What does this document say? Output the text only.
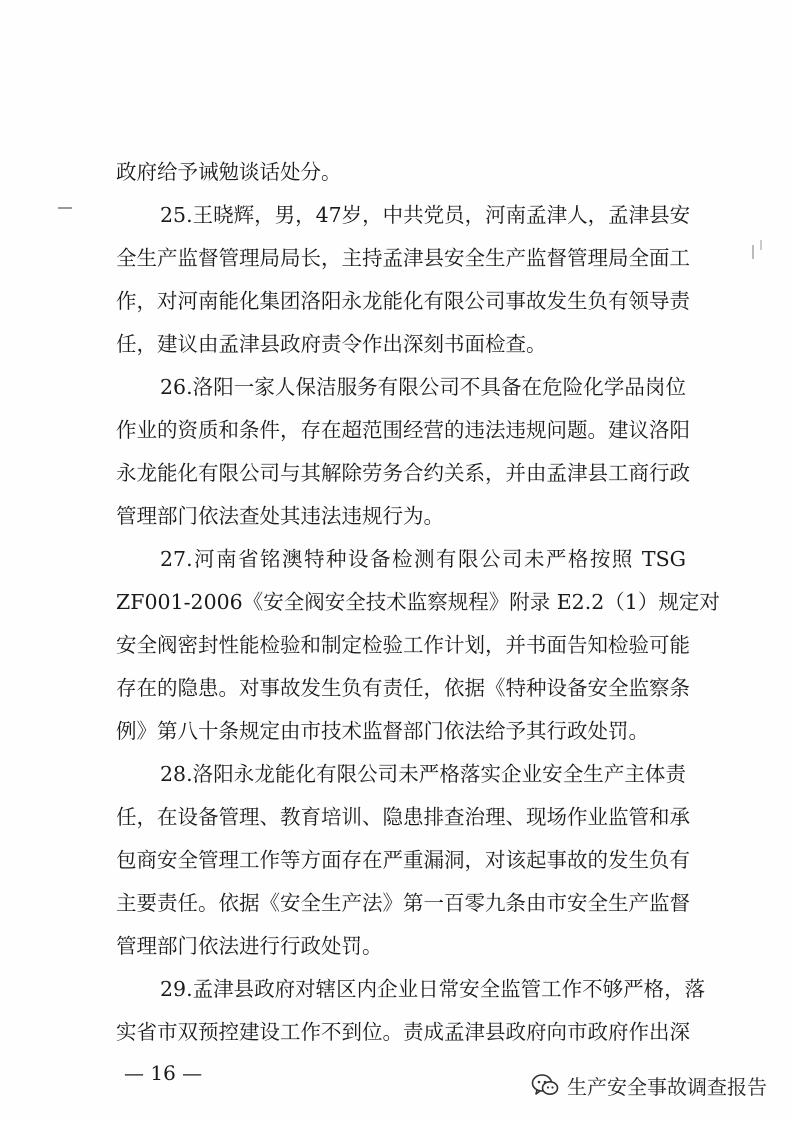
政府给予诫勉谈话处分。
25.王晓辉，男，47岁，中共党员，河南孟津人，孟津县安
全生产监督管理局局长，主持孟津县安全生产监督管理局全面工
作，对河南能化集团洛阳永龙能化有限公司事故发生负有领导责
任，建议由孟津县政府责令作出深刻书面检查。
26.洛阳一家人保洁服务有限公司不具备在危险化学品岗位
作业的资质和条件，存在超范围经营的违法违规问题。建议洛阳
永龙能化有限公司与其解除劳务合约关系，并由孟津县工商行政
管理部门依法查处其违法违规行为。
27.河南省铭澳特种设备检测有限公司未严格按照 TSG
ZF001-2006《安全阀安全技术监察规程》附录 E2.2（1）规定对
安全阀密封性能检验和制定检验工作计划，并书面告知检验可能
存在的隐患。对事故发生负有责任，依据《特种设备安全监察条
例》第八十条规定由市技术监督部门依法给予其行政处罚。
28.洛阳永龙能化有限公司未严格落实企业安全生产主体责
任，在设备管理、教育培训、隐患排查治理、现场作业监管和承
包商安全管理工作等方面存在严重漏洞，对该起事故的发生负有
主要责任。依据《安全生产法》第一百零九条由市安全生产监督
管理部门依法进行行政处罚。
29.孟津县政府对辖区内企业日常安全监管工作不够严格，落
实省市双预控建设工作不到位。责成孟津县政府向市政府作出深
— 16 —
生产安全事故调查报告
